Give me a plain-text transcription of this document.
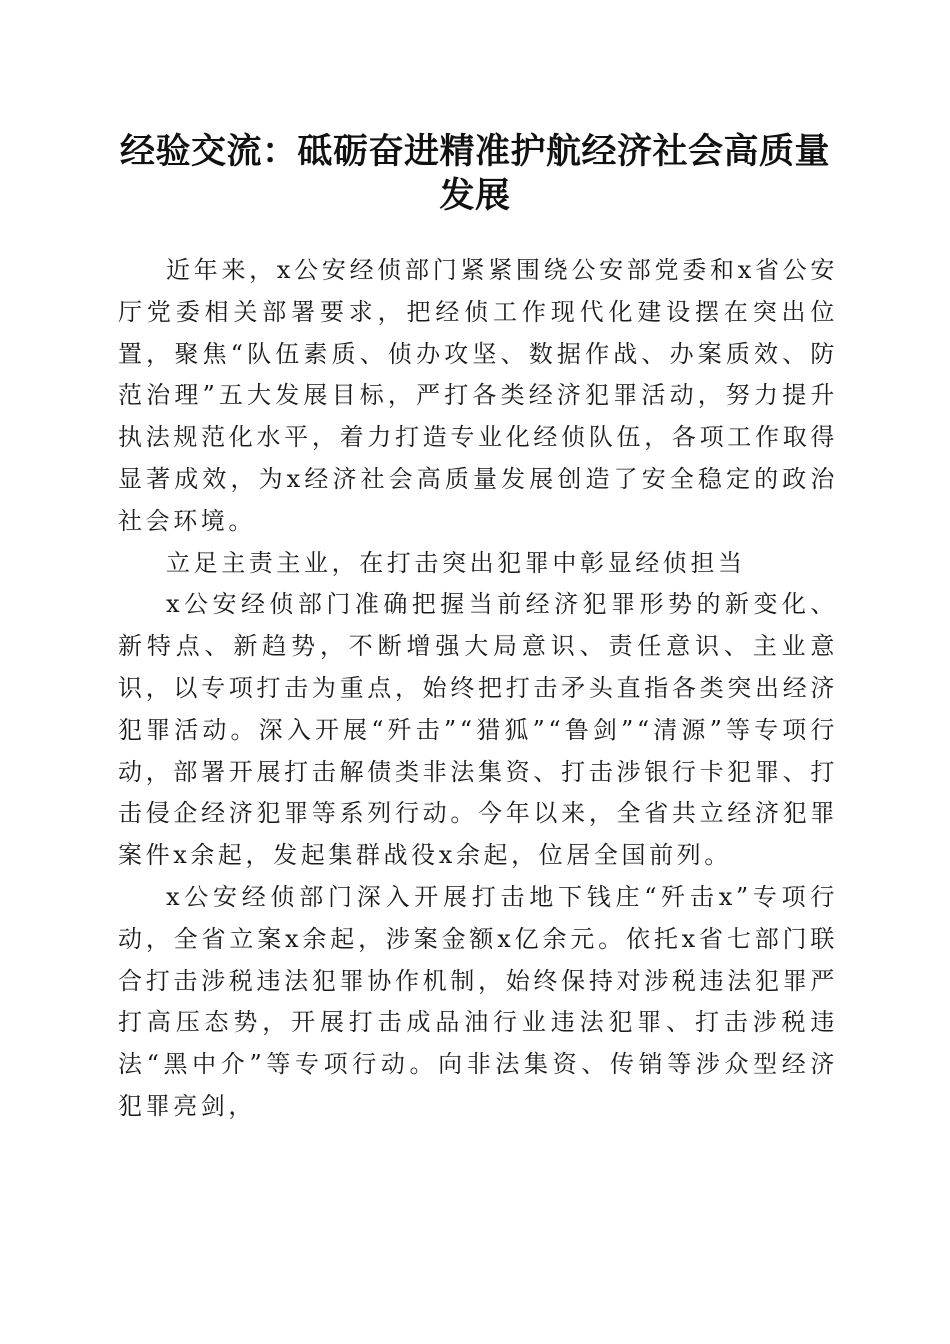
经验交流：砥砺奋进精准护航经济社会高质量发展

近年来，x公安经侦部门紧紧围绕公安部党委和x省公安厅党委相关部署要求，把经侦工作现代化建设摆在突出位置，聚焦“队伍素质、侦办攻坚、数据作战、办案质效、防范治理”五大发展目标，严打各类经济犯罪活动，努力提升执法规范化水平，着力打造专业化经侦队伍，各项工作取得显著成效，为x经济社会高质量发展创造了安全稳定的政治社会环境。

立足主责主业，在打击突出犯罪中彰显经侦担当

x公安经侦部门准确把握当前经济犯罪形势的新变化、新特点、新趋势，不断增强大局意识、责任意识、主业意识，以专项打击为重点，始终把打击矛头直指各类突出经济犯罪活动。深入开展“歼击”“猎狐”“鲁剑”“清源”等专项行动，部署开展打击解债类非法集资、打击涉银行卡犯罪、打击侵企经济犯罪等系列行动。今年以来，全省共立经济犯罪案件x余起，发起集群战役x余起，位居全国前列。

x公安经侦部门深入开展打击地下钱庄“歼击x”专项行动，全省立案x余起，涉案金额x亿余元。依托x省七部门联合打击涉税违法犯罪协作机制，始终保持对涉税违法犯罪严打高压态势，开展打击成品油行业违法犯罪、打击涉税违法“黑中介”等专项行动。向非法集资、传销等涉众型经济犯罪亮剑，
